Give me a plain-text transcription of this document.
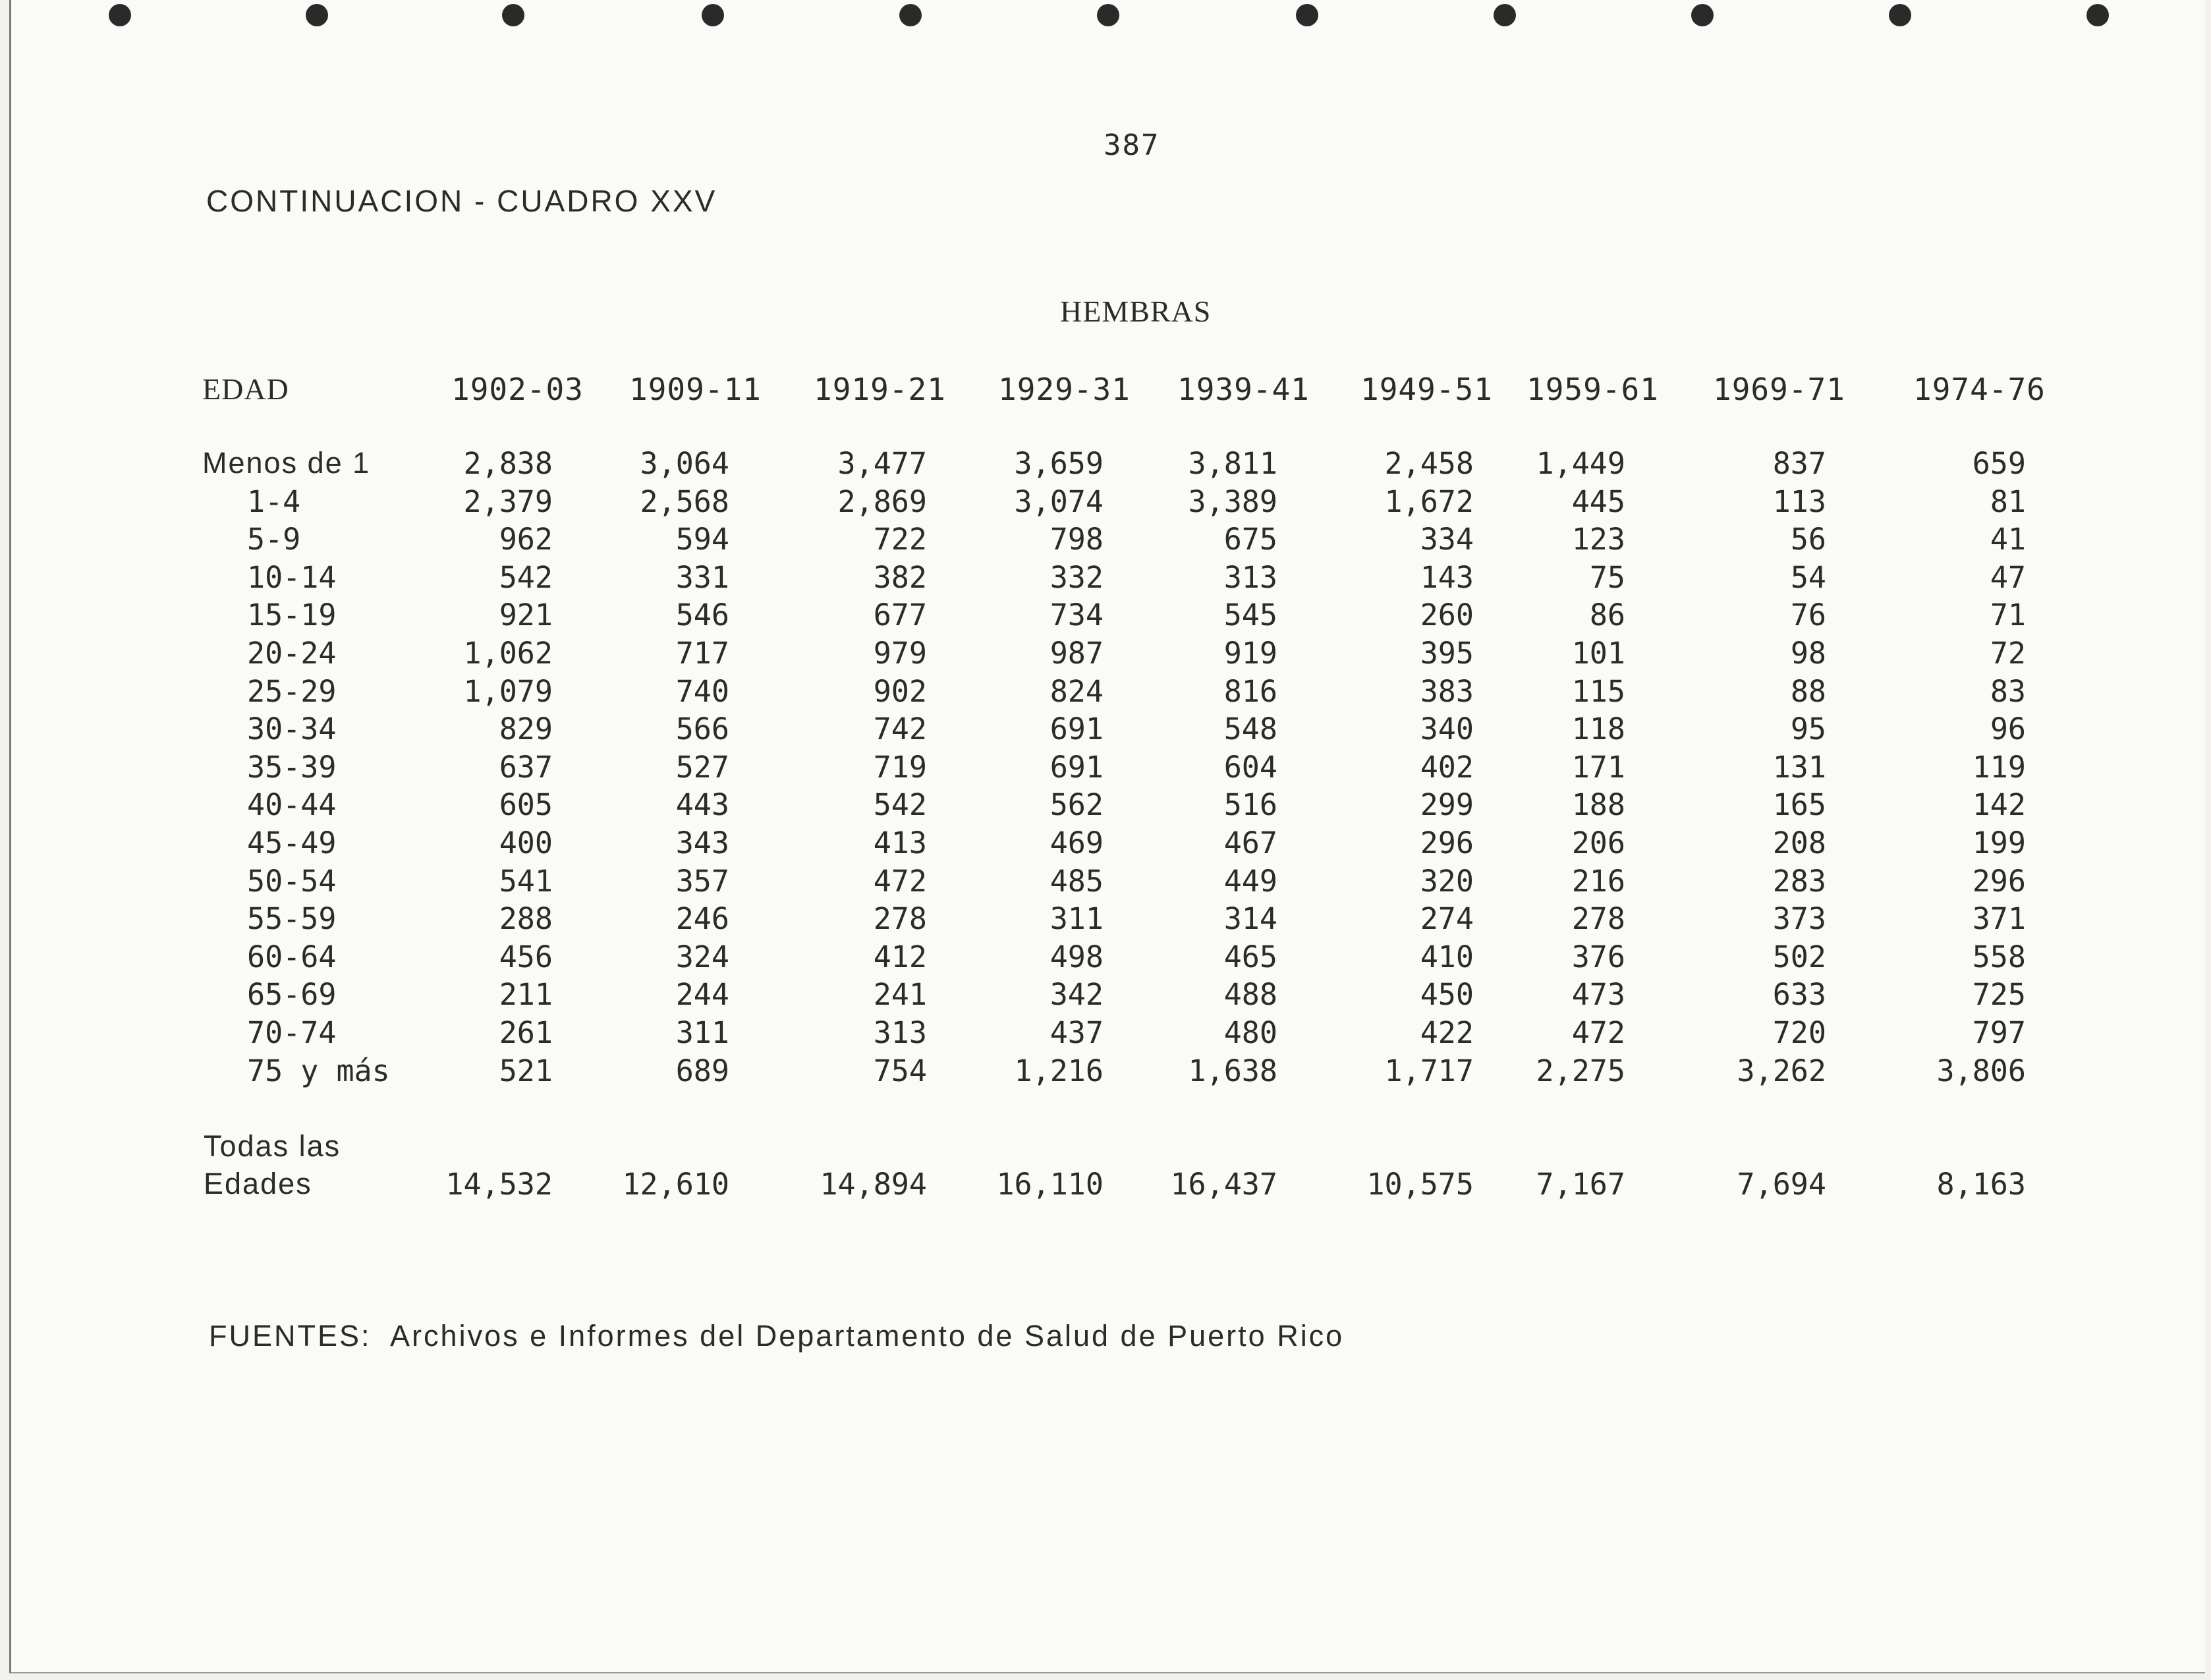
387
CONTINUACION - CUADRO XXV
HEMBRAS
EDAD	1902-03 1909-11 1919-21 1929-31 1939-41 1949-51 1959-61 1969-71 1974-76
Menos de 1	2,838	3,064	3,477	3,659	3,811	2,458 1,449	837	659
1-4	2,379	2,568	2,869	3,074	3,389	1,672	445	113	81
5-9	962	594	722	798	675	334	123	56	41
10-14	542	331	382	332	313	143	75	54	47
15-19	921	546	677	734	545	260	86	76	71
20-24	1,062	717	979	987	919	395	101	98	72
25-29	1,079	740	902	824	816	383	115	88	83
30-34	829	566	742	691	548	340	118	95	96
35-39	637	527	719	691	604	402	171	131	119
40-44	605	443	542	562	516	299	188	165	142
45-49	400	343	413	469	467	296	206	208	199
50-54	541	357	472	485	449	320	216	283	296
55-59	288	246	278	311	314	274	278	373	371
60-64	456	324	412	498	465	410	376	502	558
65-69	211	244	241	342	488	450	473	633	725
70-74	261	311	313	437	480	422	472	720	797
75 y más	521	689	754	1,216	1,638	1,717 2,275	3,262	3,806
Todas las
Edades	14,532 12,610	14,894 16,110 16,437	10,575 7,167	7,694	8,163
FUENTES:  Archivos e Informes del Departamento de Salud de Puerto Rico
